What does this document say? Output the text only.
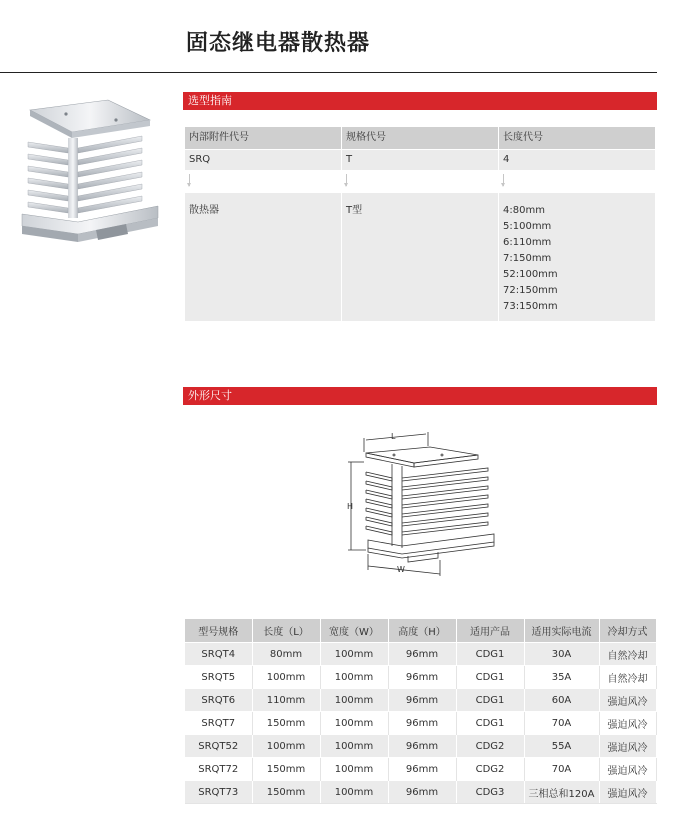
固态继电器散热器
选型指南
内部附件代号	规格代号	长度代号
SRQ	T	4
散热器	T型	4:80mm
5:100mm
6:110mm
7:150mm
52:100mm
72:150mm
73:150mm
外形尺寸
L
H
W
型号规格	长度（L）	宽度（W）	高度（H）	适用产品	适用实际电流	冷却方式
SRQT4	80mm	100mm	96mm	CDG1	30A	自然冷却
SRQT5	100mm	100mm	96mm	CDG1	35A	自然冷却
SRQT6	110mm	100mm	96mm	CDG1	60A	强迫风冷
SRQT7	150mm	100mm	96mm	CDG1	70A	强迫风冷
SRQT52	100mm	100mm	96mm	CDG2	55A	强迫风冷
SRQT72	150mm	100mm	96mm	CDG2	70A	强迫风冷
SRQT73	150mm	100mm	96mm	CDG3	三相总和120A	强迫风冷
